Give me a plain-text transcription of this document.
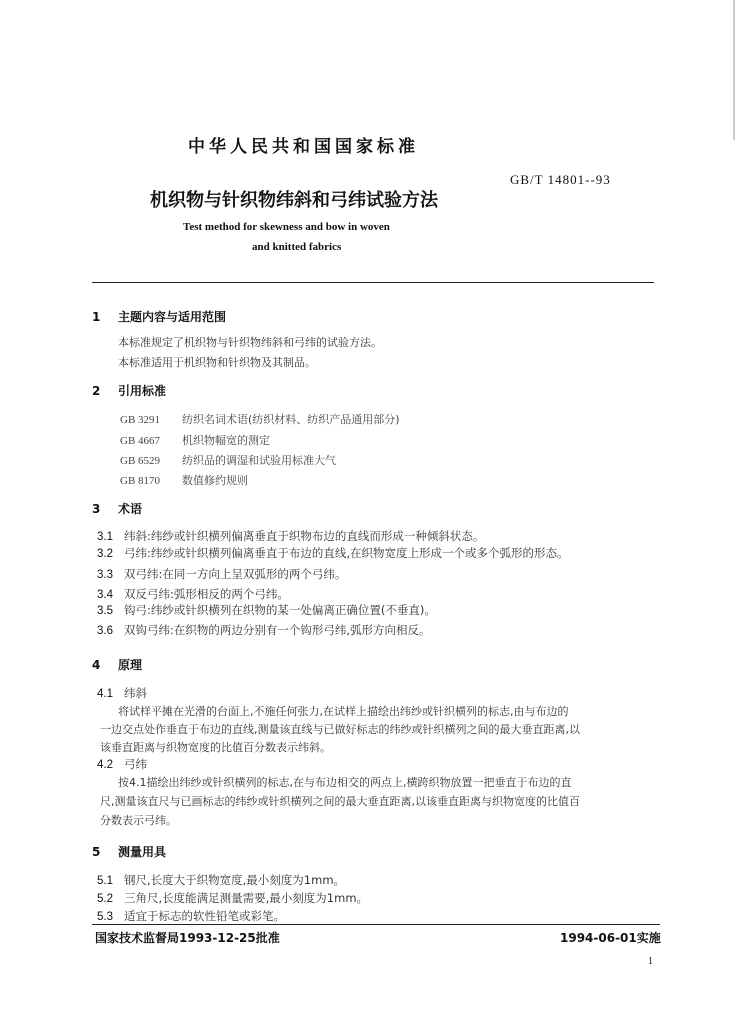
中华人民共和国国家标准
GB/T 14801--93
机织物与针织物纬斜和弓纬试验方法
Test method for skewness and bow in woven
and knitted fabrics
1 主题内容与适用范围
本标准规定了机织物与针织物纬斜和弓纬的试验方法。
本标准适用于机织物和针织物及其制品。
2 引用标准
GB 3291 纺织名词术语(纺织材料、纺织产品通用部分)
GB 4667 机织物幅宽的测定
GB 6529 纺织品的调湿和试验用标准大气
GB 8170 数值修约规则
3 术语
3.1 纬斜:纬纱或针织横列偏离垂直于织物布边的直线而形成一种倾斜状态。
3.2 弓纬:纬纱或针织横列偏离垂直于布边的直线,在织物宽度上形成一个或多个弧形的形态。
3.3 双弓纬:在同一方向上呈双弧形的两个弓纬。
3.4 双反弓纬:弧形相反的两个弓纬。
3.5 钩弓:纬纱或针织横列在织物的某一处偏离正确位置(不垂直)。
3.6 双钩弓纬:在织物的两边分别有一个钩形弓纬,弧形方向相反。
4 原理
4.1 纬斜
将试样平摊在光滑的台面上,不施任何张力,在试样上描绘出纬纱或针织横列的标志,由与布边的
一边交点处作垂直于布边的直线,测量该直线与已做好标志的纬纱或针织横列之间的最大垂直距离,以
该垂直距离与织物宽度的比值百分数表示纬斜。
4.2 弓纬
按4.1描绘出纬纱或针织横列的标志,在与布边相交的两点上,横跨织物放置一把垂直于布边的直
尺,测量该直尺与已画标志的纬纱或针织横列之间的最大垂直距离,以该垂直距离与织物宽度的比值百
分数表示弓纬。
5 测量用具
5.1 钢尺,长度大于织物宽度,最小刻度为1mm。
5.2 三角尺,长度能满足测量需要,最小刻度为1mm。
5.3 适宜于标志的软性铅笔或彩笔。
国家技术监督局1993-12-25批准	1994-06-01实施
1
